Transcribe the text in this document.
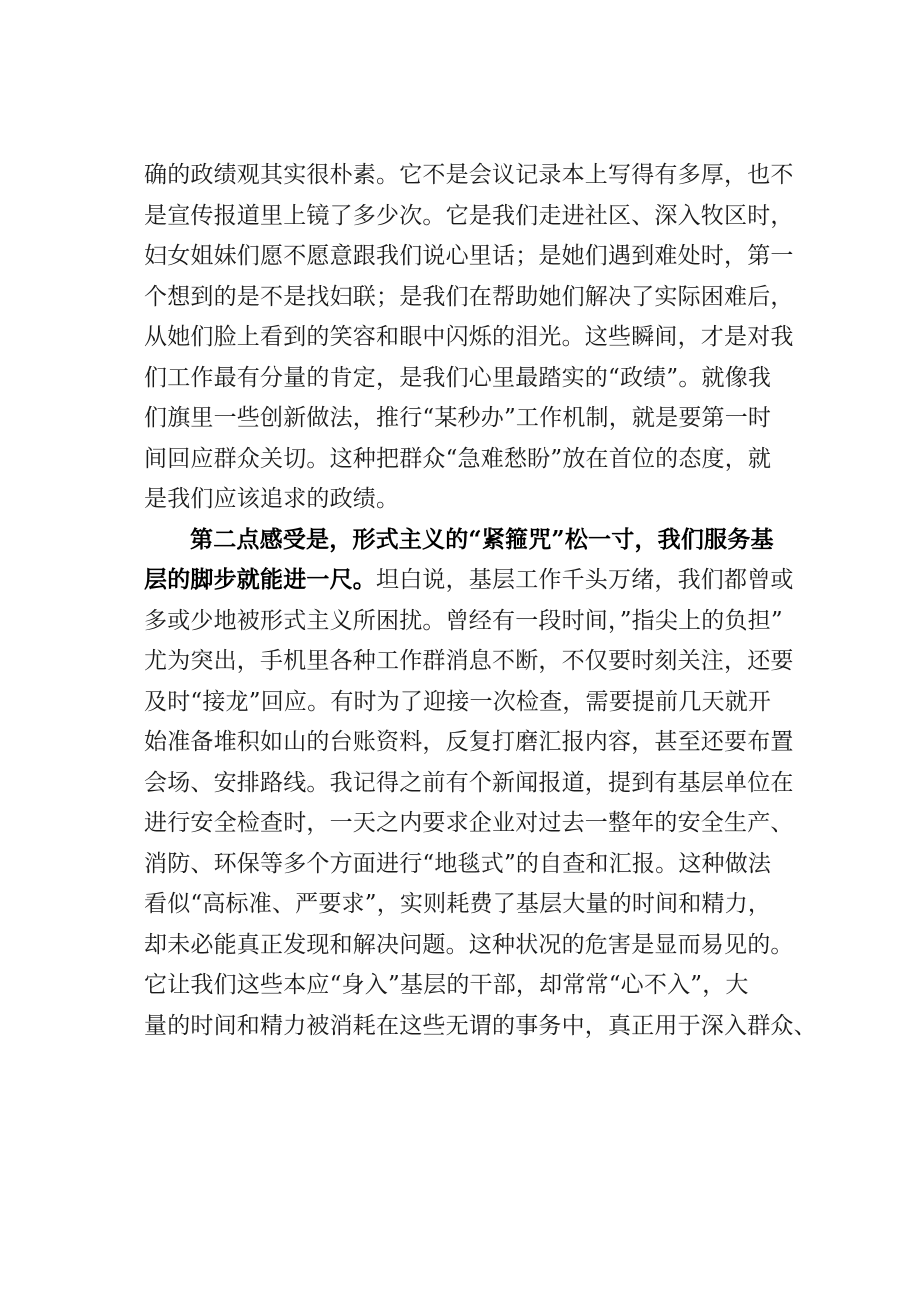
确的政绩观其实很朴素。它不是会议记录本上写得有多厚，也不
是宣传报道里上镜了多少次。它是我们走进社区、深入牧区时，
妇女姐妹们愿不愿意跟我们说心里话；是她们遇到难处时，第一
个想到的是不是找妇联；是我们在帮助她们解决了实际困难后，
从她们脸上看到的笑容和眼中闪烁的泪光。这些瞬间，才是对我
们工作最有分量的肯定，是我们心里最踏实的“政绩”。就像我
们旗里一些创新做法，推行“某秒办”工作机制，就是要第一时
间回应群众关切。这种把群众“急难愁盼”放在首位的态度，就
是我们应该追求的政绩。
第二点感受是，形式主义的“紧箍咒”松一寸，我们服务基
层的脚步就能进一尺。坦白说，基层工作千头万绪，我们都曾或
多或少地被形式主义所困扰。曾经有一段时间，”指尖上的负担”
尤为突出，手机里各种工作群消息不断，不仅要时刻关注，还要
及时“接龙”回应。有时为了迎接一次检查，需要提前几天就开
始准备堆积如山的台账资料，反复打磨汇报内容，甚至还要布置
会场、安排路线。我记得之前有个新闻报道，提到有基层单位在
进行安全检查时，一天之内要求企业对过去一整年的安全生产、
消防、环保等多个方面进行“地毯式”的自查和汇报。这种做法
看似“高标准、严要求”，实则耗费了基层大量的时间和精力，
却未必能真正发现和解决问题。这种状况的危害是显而易见的。
它让我们这些本应“身入”基层的干部，却常常“心不入”，大
量的时间和精力被消耗在这些无谓的事务中，真正用于深入群众、
